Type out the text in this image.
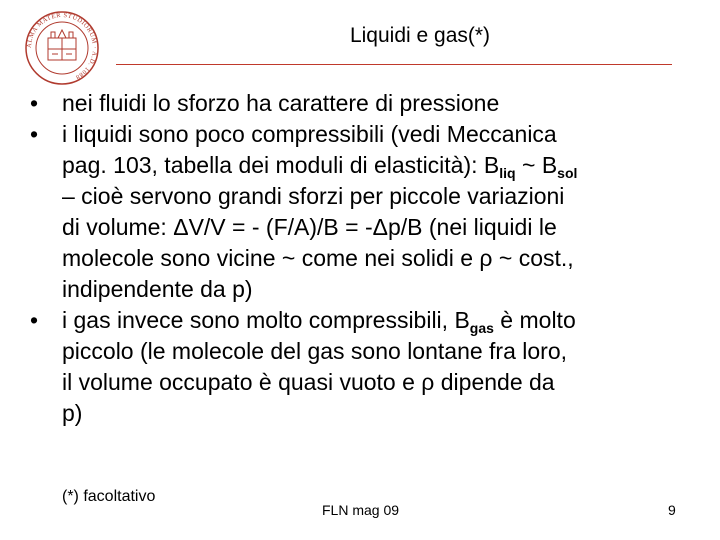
ALMA MATER STUDIORUM · A.D. 1088
Liquidi e gas(*)
• nei fluidi lo sforzo ha carattere di pressione
• i liquidi sono poco compressibili (vedi Meccanica
pag. 103, tabella dei moduli di elasticità): $B_{liq}$ ~ $B_{sol}$
– cioè servono grandi sforzi per piccole variazioni
di volume: ΔV/V = - (F/A)/B = -Δp/B (nei liquidi le
molecole sono vicine ~ come nei solidi e ρ ~ cost.,
indipendente da p)
• i gas invece sono molto compressibili, $B_{gas}$ è molto
piccolo (le molecole del gas sono lontane fra loro,
il volume occupato è quasi vuoto e ρ dipende da
p)
(*) facoltativo
FLN mag 09	9
